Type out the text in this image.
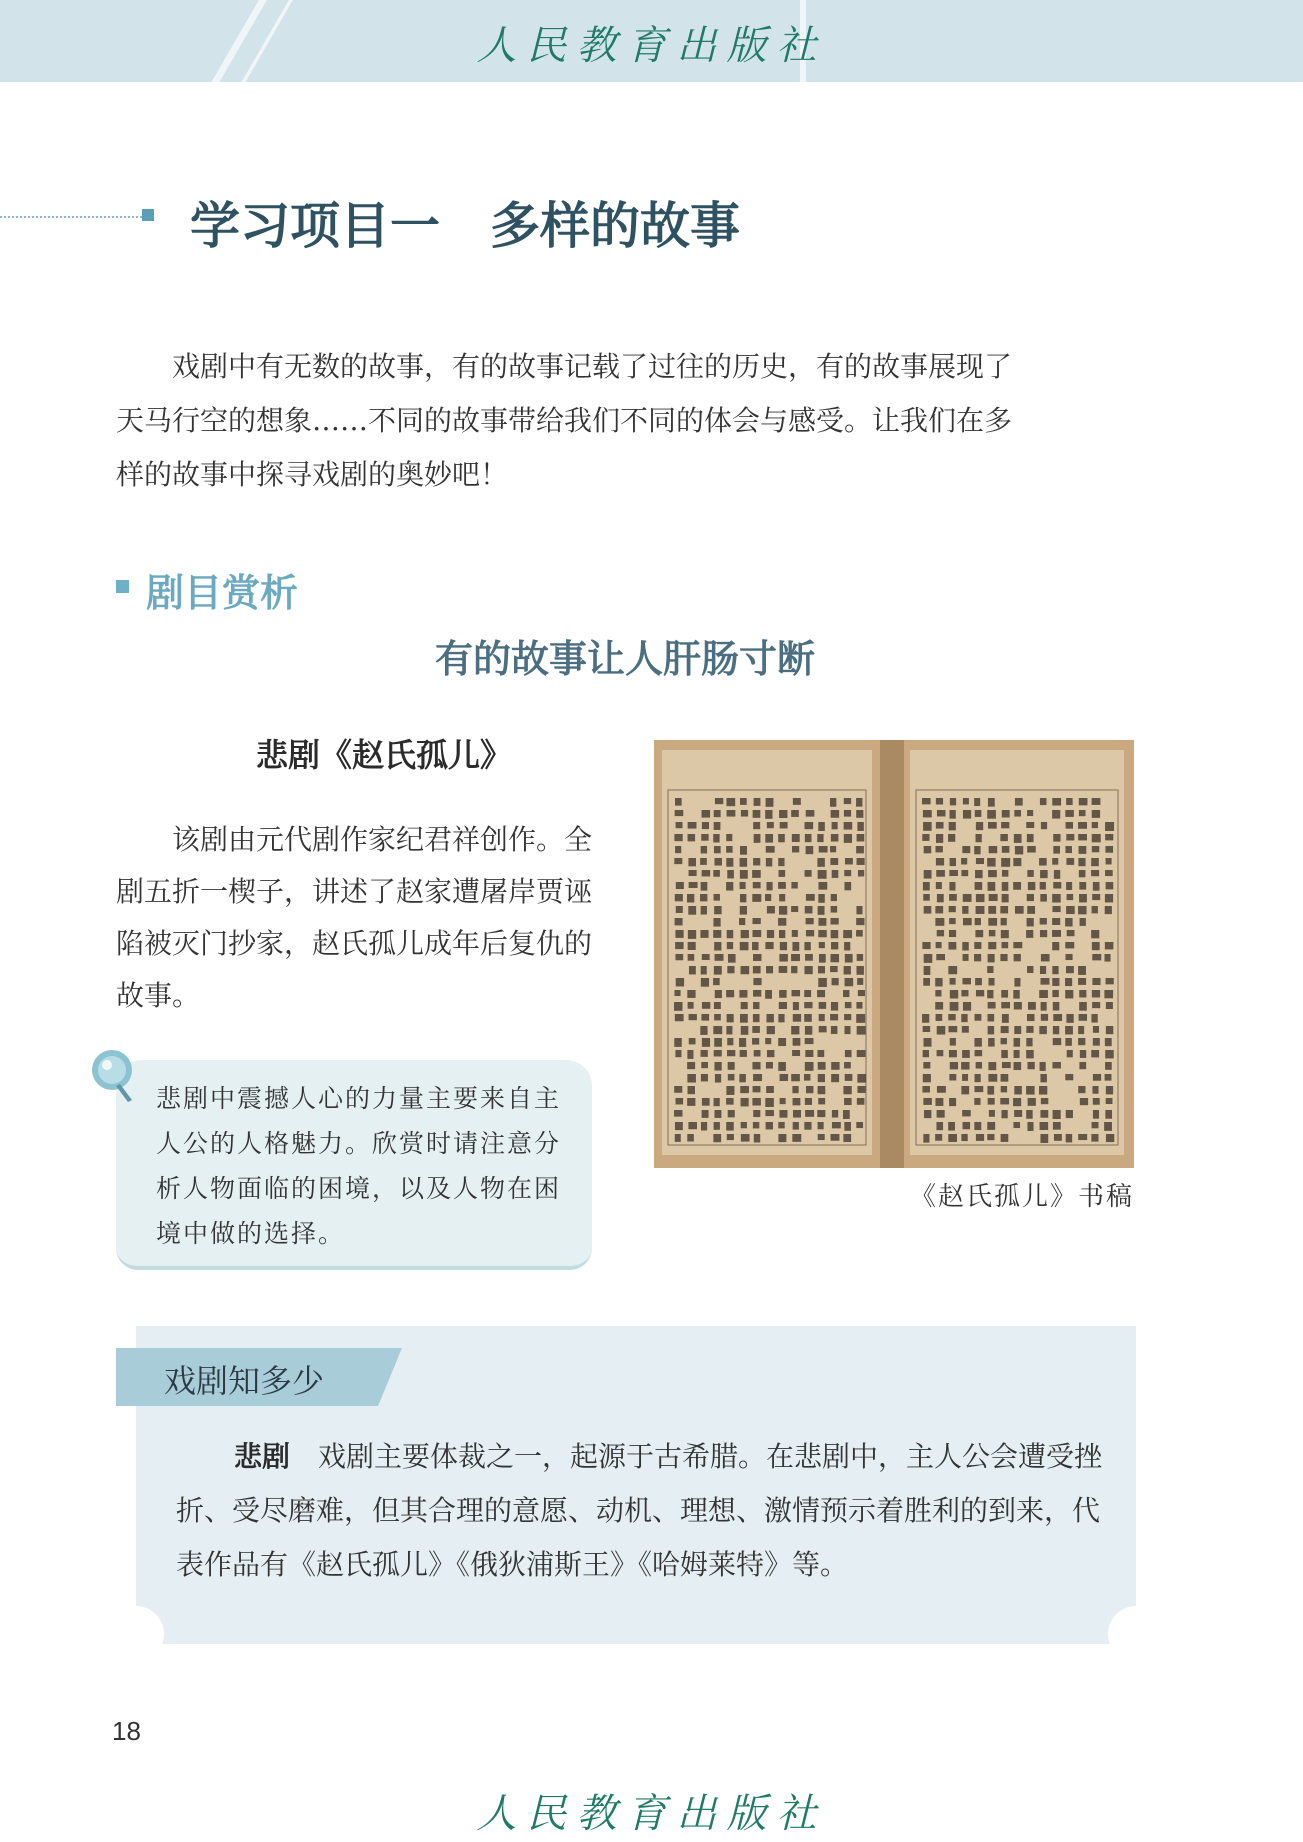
人民教育出版社
学习项目一　多样的故事
戏剧中有无数的故事，有的故事记载了过往的历史，有的故事展现了天马行空的想象……不同的故事带给我们不同的体会与感受。让我们在多样的故事中探寻戏剧的奥妙吧！
剧目赏析
有的故事让人肝肠寸断
悲剧《赵氏孤儿》
该剧由元代剧作家纪君祥创作。全剧五折一楔子，讲述了赵家遭屠岸贾诬陷被灭门抄家，赵氏孤儿成年后复仇的故事。
悲剧中震撼人心的力量主要来自主人公的人格魅力。欣赏时请注意分析人物面临的困境，以及人物在困境中做的选择。
《赵氏孤儿》书稿
戏剧知多少
悲剧 戏剧主要体裁之一，起源于古希腊。在悲剧中，主人公会遭受挫折、受尽磨难，但其合理的意愿、动机、理想、激情预示着胜利的到来，代表作品有《赵氏孤儿》《俄狄浦斯王》《哈姆莱特》等。
18
人民教育出版社
